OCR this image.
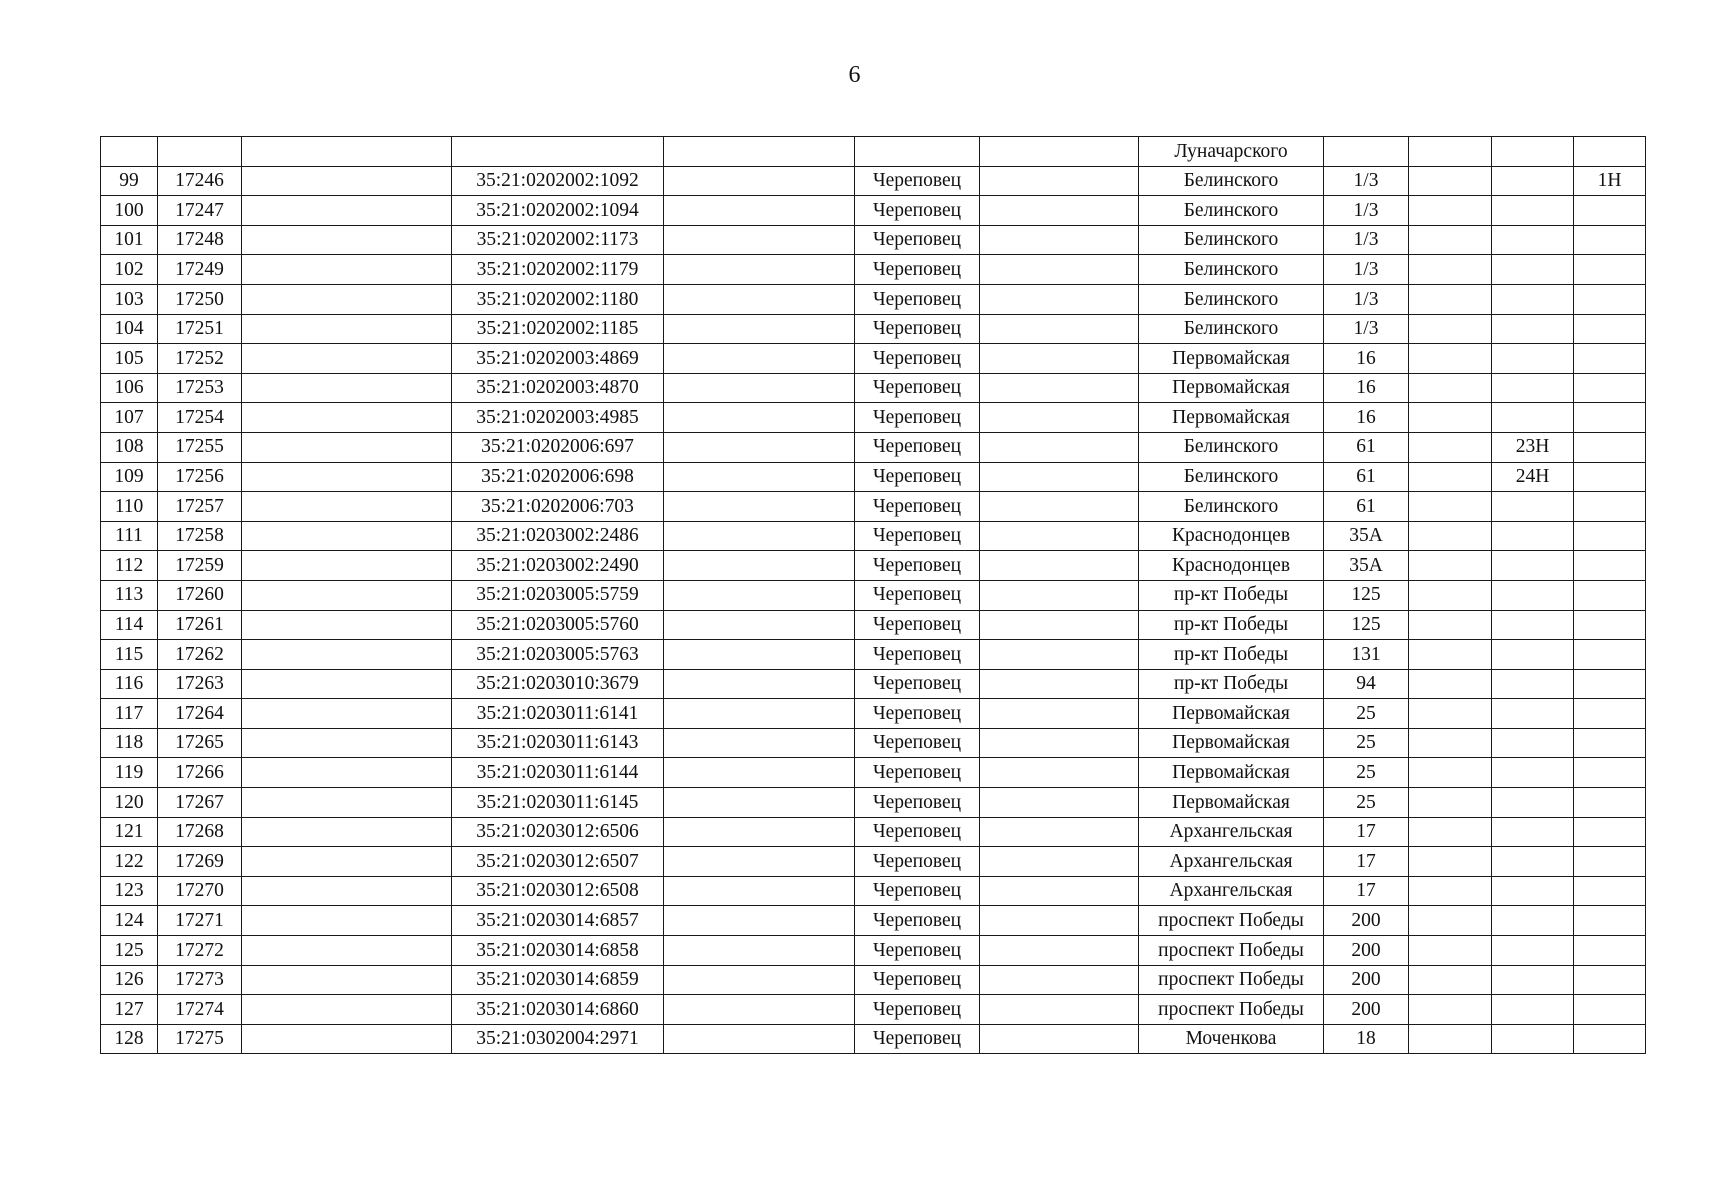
6
							Луначарского				
99	17246		35:21:0202002:1092		Череповец		Белинского	1/3			1Н
100	17247		35:21:0202002:1094		Череповец		Белинского	1/3			
101	17248		35:21:0202002:1173		Череповец		Белинского	1/3			
102	17249		35:21:0202002:1179		Череповец		Белинского	1/3			
103	17250		35:21:0202002:1180		Череповец		Белинского	1/3			
104	17251		35:21:0202002:1185		Череповец		Белинского	1/3			
105	17252		35:21:0202003:4869		Череповец		Первомайская	16			
106	17253		35:21:0202003:4870		Череповец		Первомайская	16			
107	17254		35:21:0202003:4985		Череповец		Первомайская	16			
108	17255		35:21:0202006:697		Череповец		Белинского	61		23Н	
109	17256		35:21:0202006:698		Череповец		Белинского	61		24Н	
110	17257		35:21:0202006:703		Череповец		Белинского	61			
111	17258		35:21:0203002:2486		Череповец		Краснодонцев	35А			
112	17259		35:21:0203002:2490		Череповец		Краснодонцев	35А			
113	17260		35:21:0203005:5759		Череповец		пр-кт Победы	125			
114	17261		35:21:0203005:5760		Череповец		пр-кт Победы	125			
115	17262		35:21:0203005:5763		Череповец		пр-кт Победы	131			
116	17263		35:21:0203010:3679		Череповец		пр-кт Победы	94			
117	17264		35:21:0203011:6141		Череповец		Первомайская	25			
118	17265		35:21:0203011:6143		Череповец		Первомайская	25			
119	17266		35:21:0203011:6144		Череповец		Первомайская	25			
120	17267		35:21:0203011:6145		Череповец		Первомайская	25			
121	17268		35:21:0203012:6506		Череповец		Архангельская	17			
122	17269		35:21:0203012:6507		Череповец		Архангельская	17			
123	17270		35:21:0203012:6508		Череповец		Архангельская	17			
124	17271		35:21:0203014:6857		Череповец		проспект Победы	200			
125	17272		35:21:0203014:6858		Череповец		проспект Победы	200			
126	17273		35:21:0203014:6859		Череповец		проспект Победы	200			
127	17274		35:21:0203014:6860		Череповец		проспект Победы	200			
128	17275		35:21:0302004:2971		Череповец		Моченкова	18			
